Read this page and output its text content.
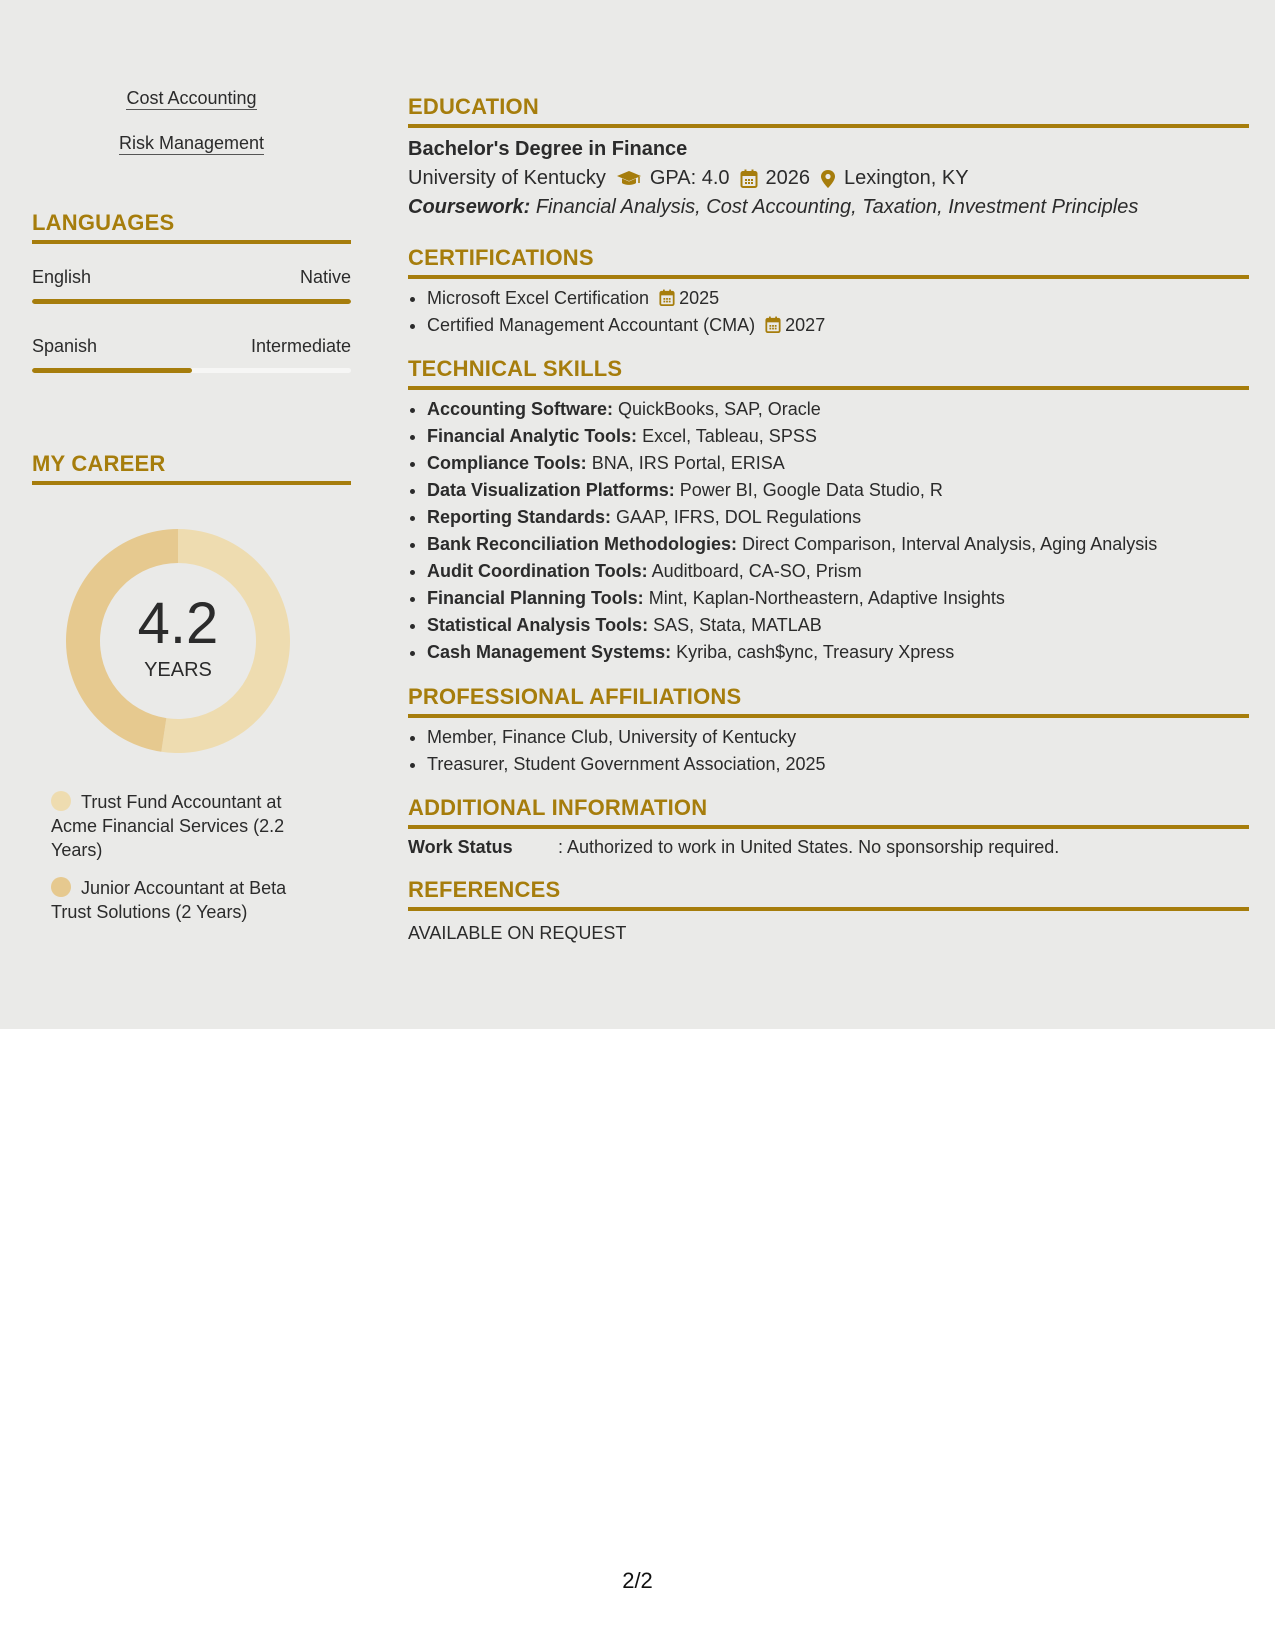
Cost Accounting
Risk Management
LANGUAGES
English	Native
Spanish	Intermediate
MY CAREER
4.2
YEARS
Trust Fund Accountant at Acme Financial Services (2.2 Years)
Junior Accountant at Beta Trust Solutions (2 Years)
EDUCATION
Bachelor's Degree in Finance
University of Kentucky GPA: 4.0 2026 Lexington, KY
Coursework: Financial Analysis, Cost Accounting, Taxation, Investment Principles
CERTIFICATIONS
• Microsoft Excel Certification 2025
• Certified Management Accountant (CMA) 2027
TECHNICAL SKILLS
• Accounting Software: QuickBooks, SAP, Oracle
• Financial Analytic Tools: Excel, Tableau, SPSS
• Compliance Tools: BNA, IRS Portal, ERISA
• Data Visualization Platforms: Power BI, Google Data Studio, R
• Reporting Standards: GAAP, IFRS, DOL Regulations
• Bank Reconciliation Methodologies: Direct Comparison, Interval Analysis, Aging Analysis
• Audit Coordination Tools: Auditboard, CA-SO, Prism
• Financial Planning Tools: Mint, Kaplan-Northeastern, Adaptive Insights
• Statistical Analysis Tools: SAS, Stata, MATLAB
• Cash Management Systems: Kyriba, cash$ync, Treasury Xpress
PROFESSIONAL AFFILIATIONS
• Member, Finance Club, University of Kentucky
• Treasurer, Student Government Association, 2025
ADDITIONAL INFORMATION
Work Status	: Authorized to work in United States. No sponsorship required.
REFERENCES
AVAILABLE ON REQUEST
2/2
